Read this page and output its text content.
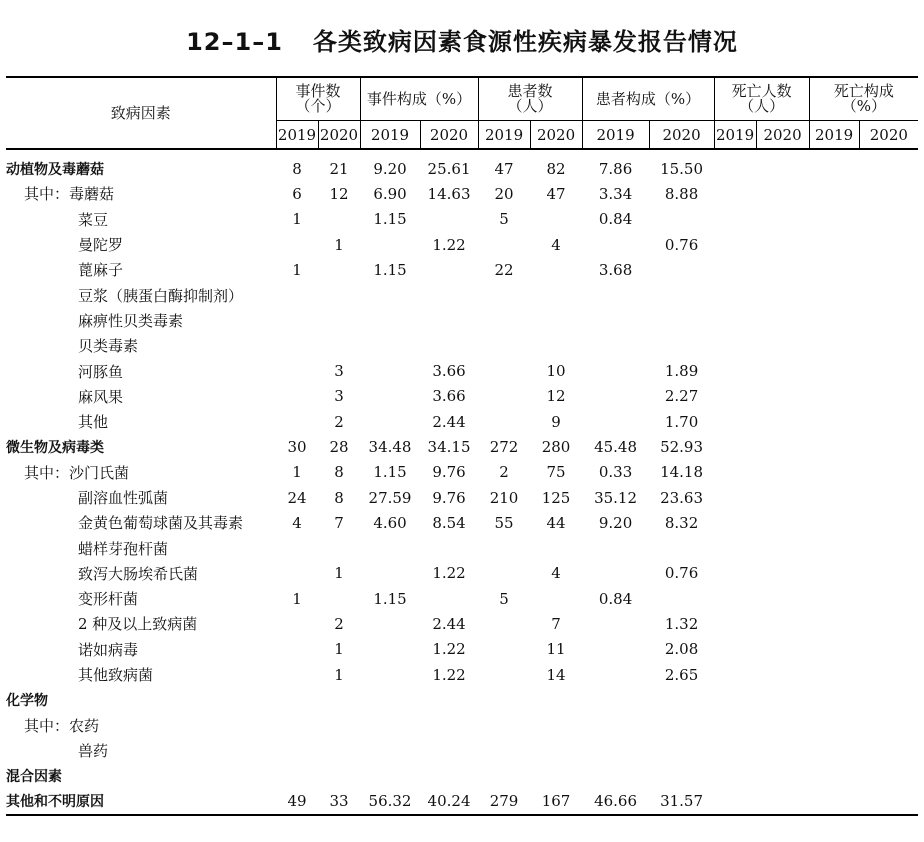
12–1–1 各类致病因素食源性疾病暴发报告情况
致病因素	事件数
（个）		事件构成（%）		患者数
（人）		患者构成（%）		死亡人数
（人）		死亡构成
（%）	
	2019	2020	2019	2020	2019	2020	2019	2020	2019	2020	2019	2020
动植物及毒蘑菇	8	21	9.20	25.61	47	82	7.86	15.50				
其中：毒蘑菇	6	12	6.90	14.63	20	47	3.34	8.88				
菜豆	1		1.15		5		0.84					
曼陀罗		1		1.22		4		0.76				
蓖麻子	1		1.15		22		3.68					
豆浆（胰蛋白酶抑制剂）												
麻痹性贝类毒素												
贝类毒素												
河豚鱼		3		3.66		10		1.89				
麻风果		3		3.66		12		2.27				
其他		2		2.44		9		1.70				
微生物及病毒类	30	28	34.48	34.15	272	280	45.48	52.93				
其中：沙门氏菌	1	8	1.15	9.76	2	75	0.33	14.18				
副溶血性弧菌	24	8	27.59	9.76	210	125	35.12	23.63				
金黄色葡萄球菌及其毒素	4	7	4.60	8.54	55	44	9.20	8.32				
蜡样芽孢杆菌												
致泻大肠埃希氏菌		1		1.22		4		0.76				
变形杆菌	1		1.15		5		0.84					
2 种及以上致病菌		2		2.44		7		1.32				
诺如病毒		1		1.22		11		2.08				
其他致病菌		1		1.22		14		2.65				
化学物												
其中：农药												
兽药												
混合因素												
其他和不明原因	49	33	56.32	40.24	279	167	46.66	31.57				
